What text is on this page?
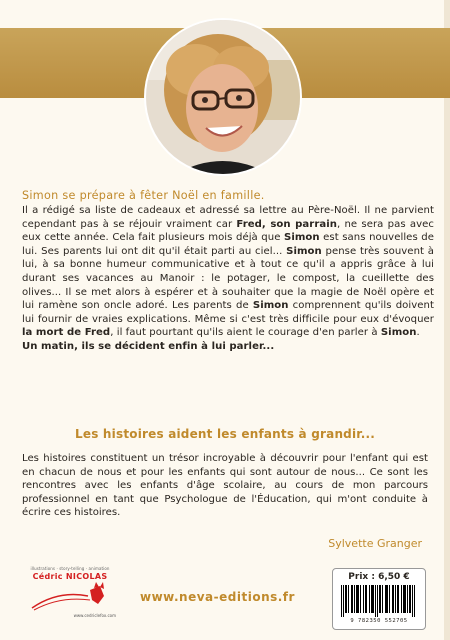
Simon se prépare à fêter Noël en famille.
Il a rédigé sa liste de cadeaux et adressé sa lettre au Père-Noël. Il ne parvient cependant pas à se réjouir vraiment car Fred, son parrain, ne sera pas avec eux cette année. Cela fait plusieurs mois déjà que Simon est sans nouvelles de lui. Ses parents lui ont dit qu'il était parti au ciel... Simon pense très souvent à lui, à sa bonne humeur communicative et à tout ce qu'il a appris grâce à lui durant ses vacances au Manoir : le potager, le compost, la cueillette des olives... Il se met alors à espérer et à souhaiter que la magie de Noël opère et lui ramène son oncle adoré. Les parents de Simon comprennent qu'ils doivent lui fournir de vraies explications. Même si c'est très difficile pour eux d'évoquer la mort de Fred, il faut pourtant qu'ils aient le courage d'en parler à Simon.
Un matin, ils se décident enfin à lui parler...
Les histoires aident les enfants à grandir...
Les histoires constituent un trésor incroyable à découvrir pour l'enfant qui est en chacun de nous et pour les enfants qui sont autour de nous... Ce sont les rencontres avec les enfants d'âge scolaire, au cours de mon parcours professionnel en tant que Psychologue de l'Éducation, qui m'ont conduite à écrire ces histoires.
Sylvette Granger
illustrations · story-telling · animation
Cédric NICOLAS
www.cedriclefox.com
www.neva-editions.fr
Prix : 6,50 €
9 782350 552705
